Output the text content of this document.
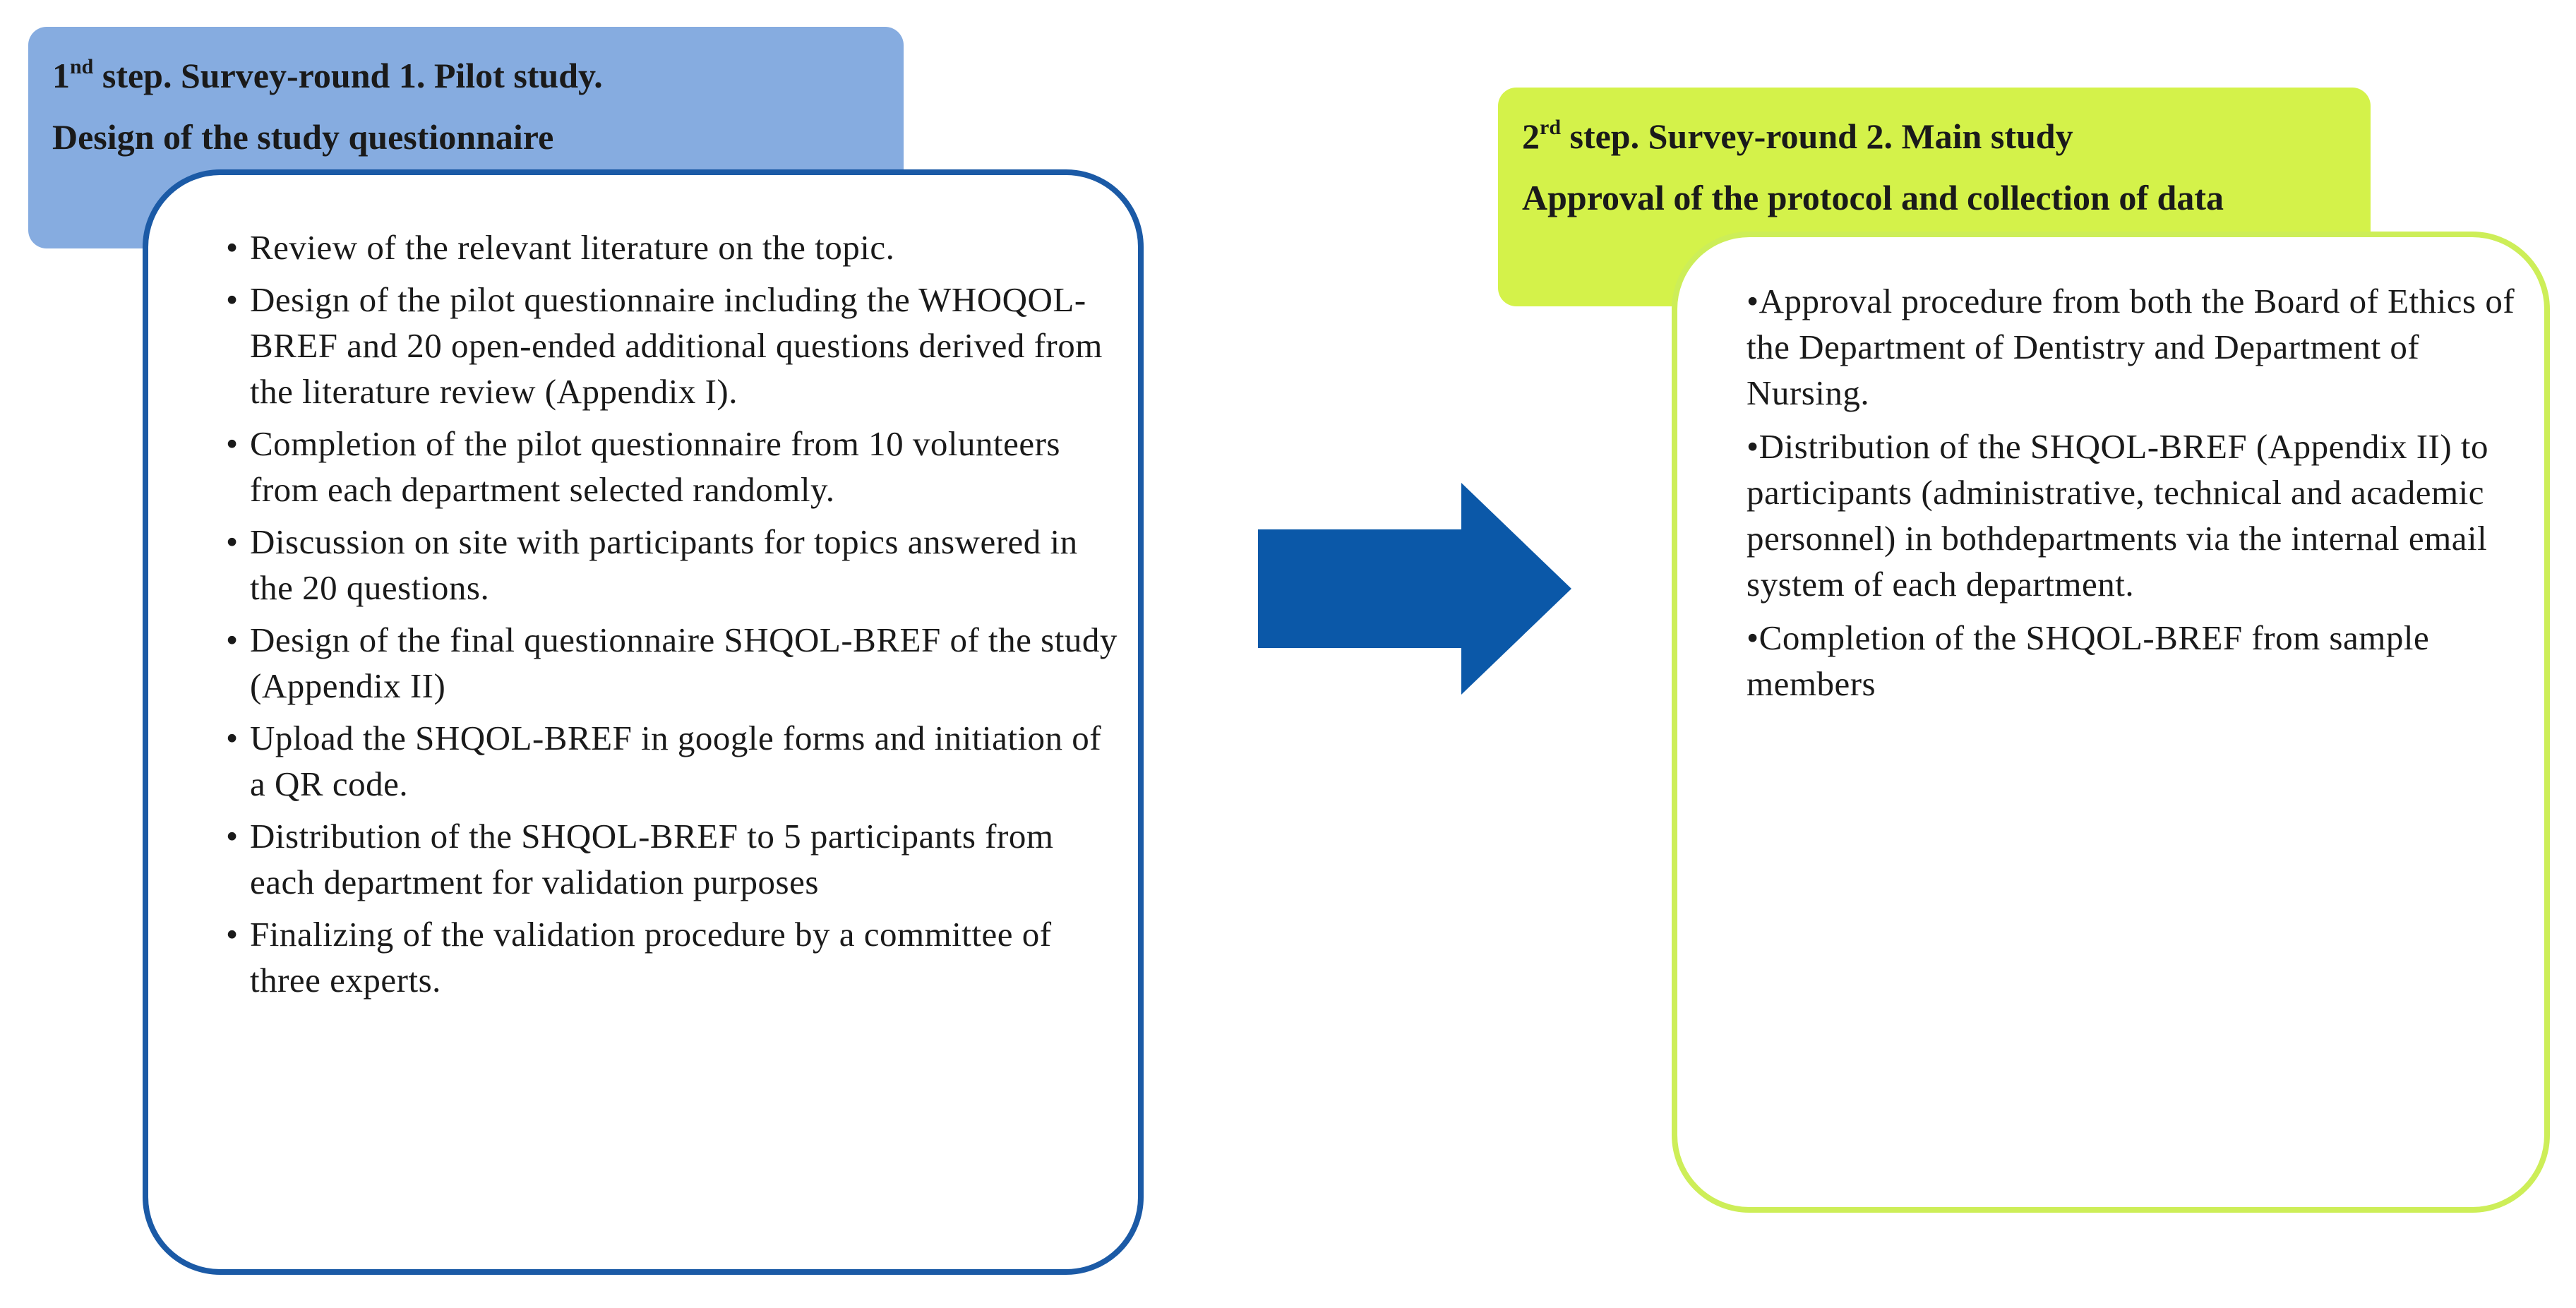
1nd step. Survey-round 1. Pilot study.
Design of the study questionnaire
• Review of the relevant literature on the topic.
• Design of the pilot questionnaire including the WHOQOL-BREF and 20 open-ended additional questions derived from the literature review (Appendix I).
• Completion of the pilot questionnaire from 10 volunteers from each department selected randomly.
• Discussion on site with participants for topics answered in the 20 questions.
• Design of the final questionnaire SHQOL-BREF of the study (Appendix II)
• Upload the SHQOL-BREF in google forms and initiation of a QR code.
• Distribution of the SHQOL-BREF to 5 participants from each department for validation purposes
• Finalizing of the validation procedure by a committee of three experts.
2rd step. Survey-round 2. Main study
Approval of the protocol and collection of data
• Approval procedure from both the Board of Ethics of the Department of Dentistry and Department of Nursing.
• Distribution of the SHQOL-BREF (Appendix II) to participants (administrative, technical and academic personnel) in bothdepartments via the internal email system of each department.
• Completion of the SHQOL-BREF from sample members
